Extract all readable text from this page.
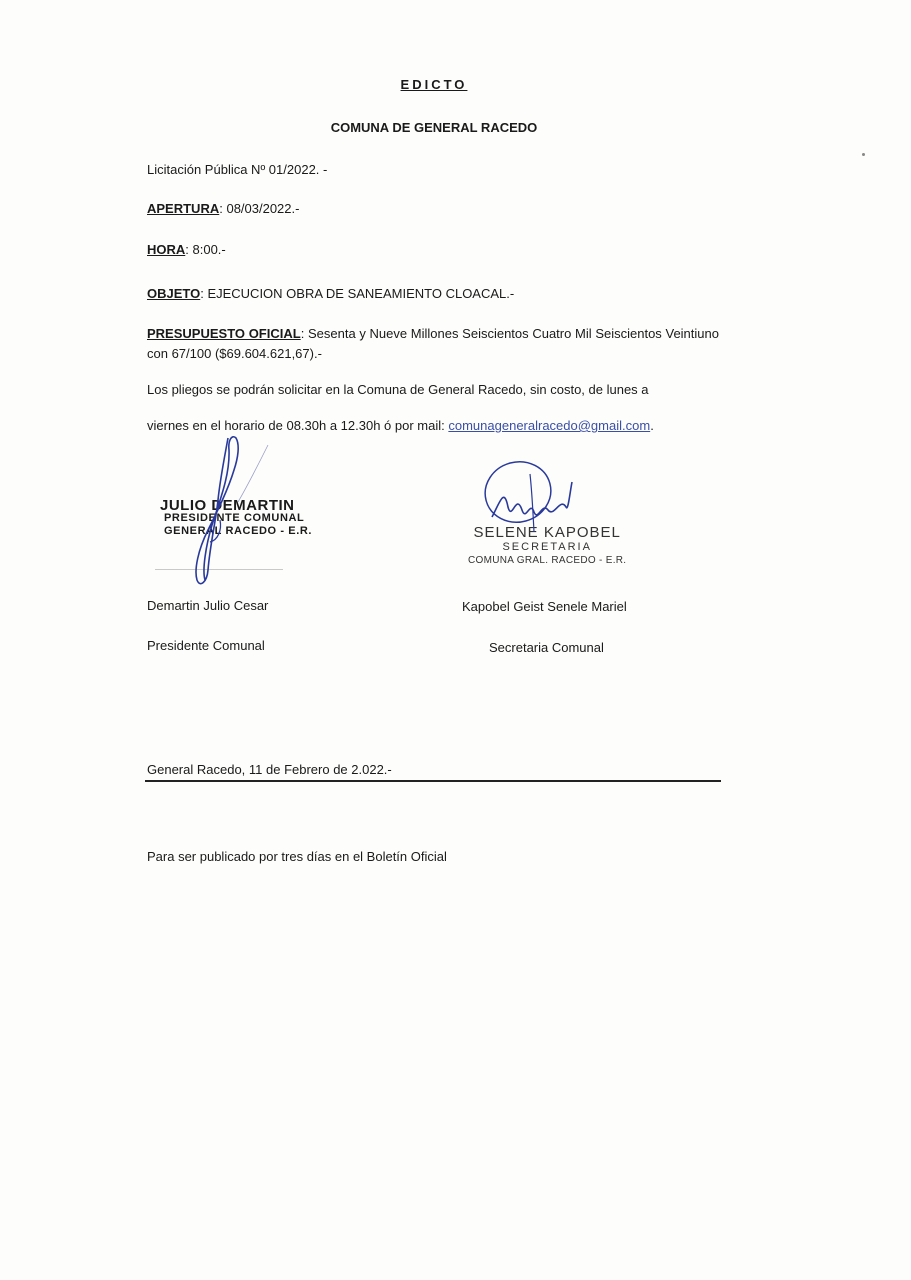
EDICTO
COMUNA DE GENERAL RACEDO
Licitación Pública Nº 01/2022. -
APERTURA: 08/03/2022.-
HORA: 8:00.-
OBJETO: EJECUCION OBRA DE SANEAMIENTO CLOACAL.-
PRESUPUESTO OFICIAL: Sesenta y Nueve Millones Seiscientos Cuatro Mil Seiscientos Veintiuno con 67/100 ($69.604.621,67).-
Los pliegos se podrán solicitar en la Comuna de General Racedo, sin costo, de lunes a
viernes en el horario de 08.30h a 12.30h ó por mail: comunageneralracedo@gmail.com.
JULIO DEMARTIN
PRESIDENTE COMUNAL
GENERAL RACEDO - E.R.	SELENE KAPOBEL
SECRETARIA
COMUNA GRAL. RACEDO - E.R.
Demartin Julio Cesar
Presidente Comunal
Kapobel Geist Senele Mariel
Secretaria Comunal
General Racedo, 11 de Febrero de 2.022.-
Para ser publicado por tres días en el Boletín Oficial
